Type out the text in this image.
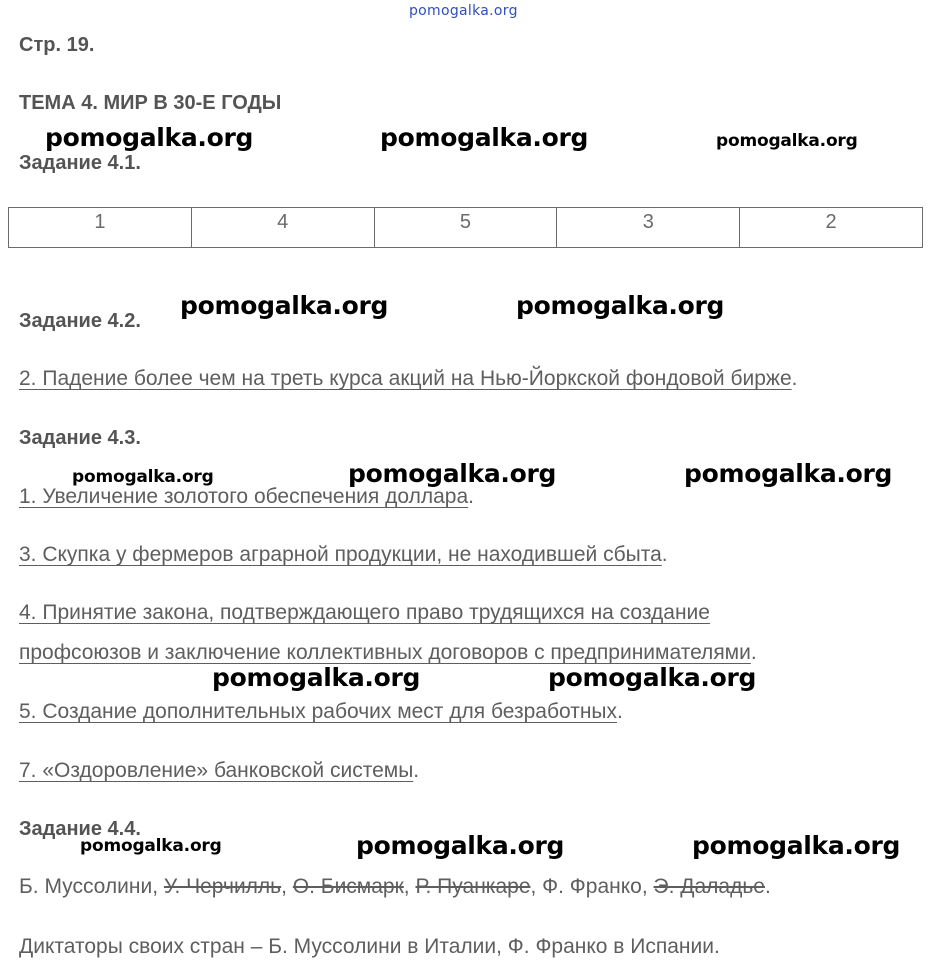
pomogalka.org
Стр. 19.
ТЕМА 4. МИР В 30-Е ГОДЫ
Задание 4.1.
1	4	5	3	2
Задание 4.2.
2. Падение более чем на треть курса акций на Нью-Йоркской фондовой бирже.
Задание 4.3.
1. Увеличение золотого обеспечения доллара.
3. Скупка у фермеров аграрной продукции, не находившей сбыта.
4. Принятие закона, подтверждающего право трудящихся на создание
профсоюзов и заключение коллективных договоров с предпринимателями.
5. Создание дополнительных рабочих мест для безработных.
7. «Оздоровление» банковской системы.
Задание 4.4.
Б. Муссолини, У. Черчилль, О. Бисмарк, Р. Пуанкаре, Ф. Франко, Э. Даладье.
Диктаторы своих стран – Б. Муссолини в Италии, Ф. Франко в Испании.
pomogalka.org	pomogalka.org	pomogalka.org
pomogalka.org	pomogalka.org
pomogalka.org	pomogalka.org	pomogalka.org
pomogalka.org	pomogalka.org
pomogalka.org	pomogalka.org	pomogalka.org
